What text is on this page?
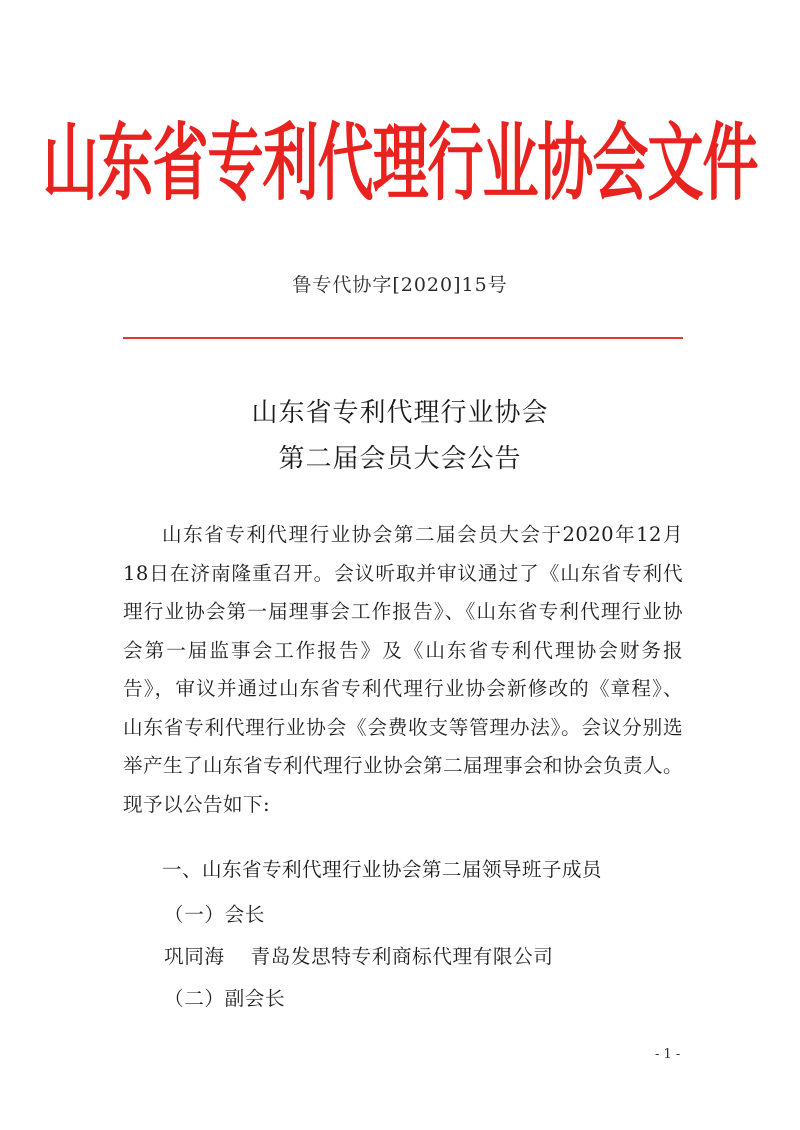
山东省专利代理行业协会文件
鲁专代协字[2020]15号
山东省专利代理行业协会
第二届会员大会公告

山东省专利代理行业协会第二届会员大会于2020年12月18日在济南隆重召开。会议听取并审议通过了《山东省专利代理行业协会第一届理事会工作报告》、《山东省专利代理行业协会第一届监事会工作报告》及《山东省专利代理协会财务报告》，审议并通过山东省专利代理行业协会新修改的《章程》、山东省专利代理行业协会《会费收支等管理办法》。会议分别选举产生了山东省专利代理行业协会第二届理事会和协会负责人。现予以公告如下:

一、山东省专利代理行业协会第二届领导班子成员
（一）会长
巩同海 青岛发思特专利商标代理有限公司
（二）副会长
- 1 -
